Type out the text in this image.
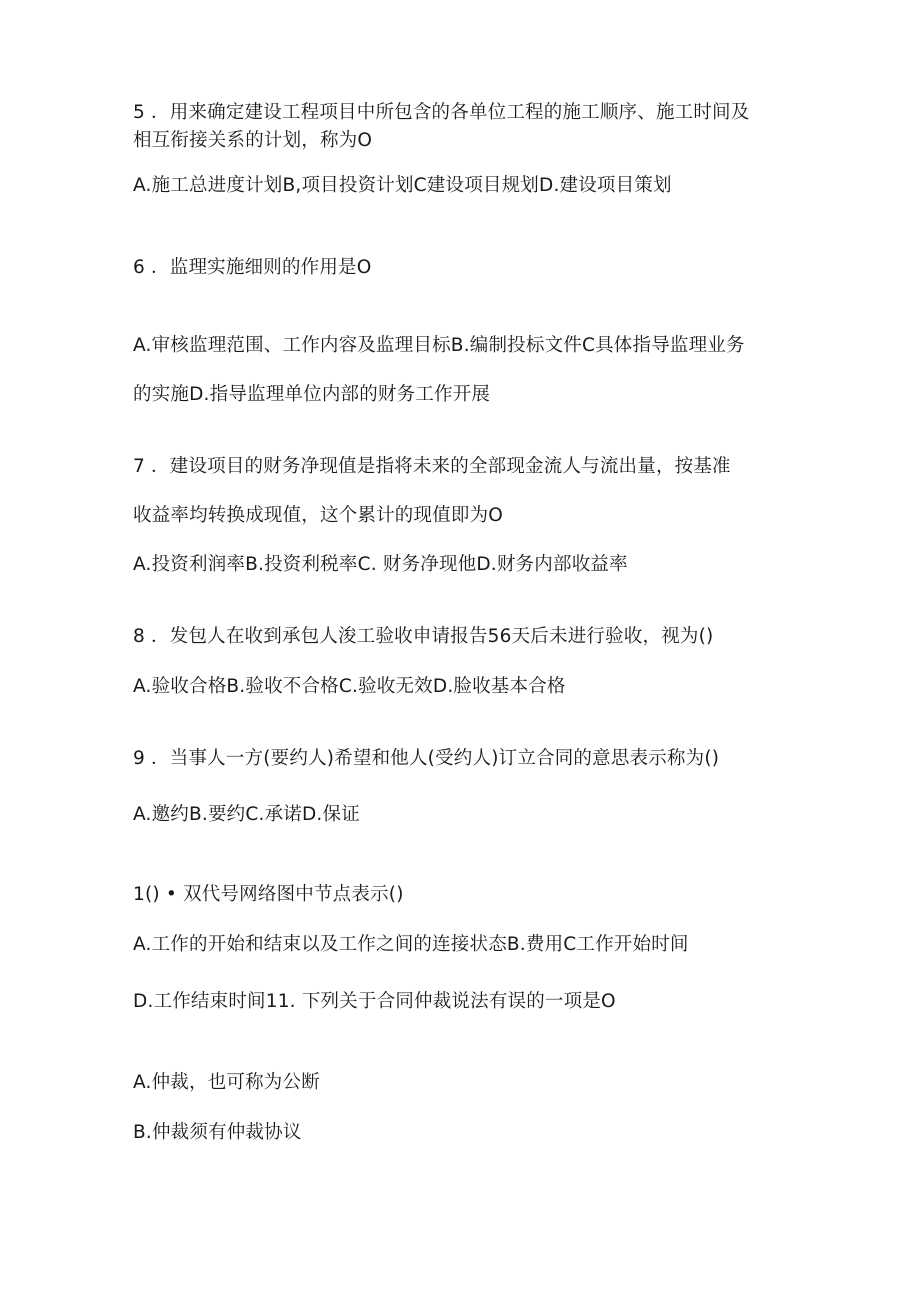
5 ．用来确定建设工程项目中所包含的各单位工程的施工顺序、施工时间及
相互衔接关系的计划，称为O
A.施工总进度计划B,项目投资计划C建设项目规划D.建设项目策划
6 ．监理实施细则的作用是O
A.审核监理范围、工作内容及监理目标B.编制投标文件C具体指导监理业务
的实施D.指导监理单位内部的财务工作开展
7 ．建设项目的财务净现值是指将未来的全部现金流人与流出量，按基准
收益率均转换成现值，这个累计的现值即为O
A.投资利润率B.投资利税率C. 财务净现他D.财务内部收益率
8 ．发包人在收到承包人浚工验收申请报告56天后未进行验收，视为()
A.验收合格B.验收不合格C.验收无效D.脸收基本合格
9 ．当事人一方(要约人)希望和他人(受约人)订立合同的意思表示称为()
A.邀约B.要约C.承诺D.保证
1() • 双代号网络图中节点表示()
A.工作的开始和结束以及工作之间的连接状态B.费用C工作开始时间
D.工作结束时间11. 下列关于合同仲裁说法有误的一项是O
A.仲裁，也可称为公断
B.仲裁须有仲裁协议
